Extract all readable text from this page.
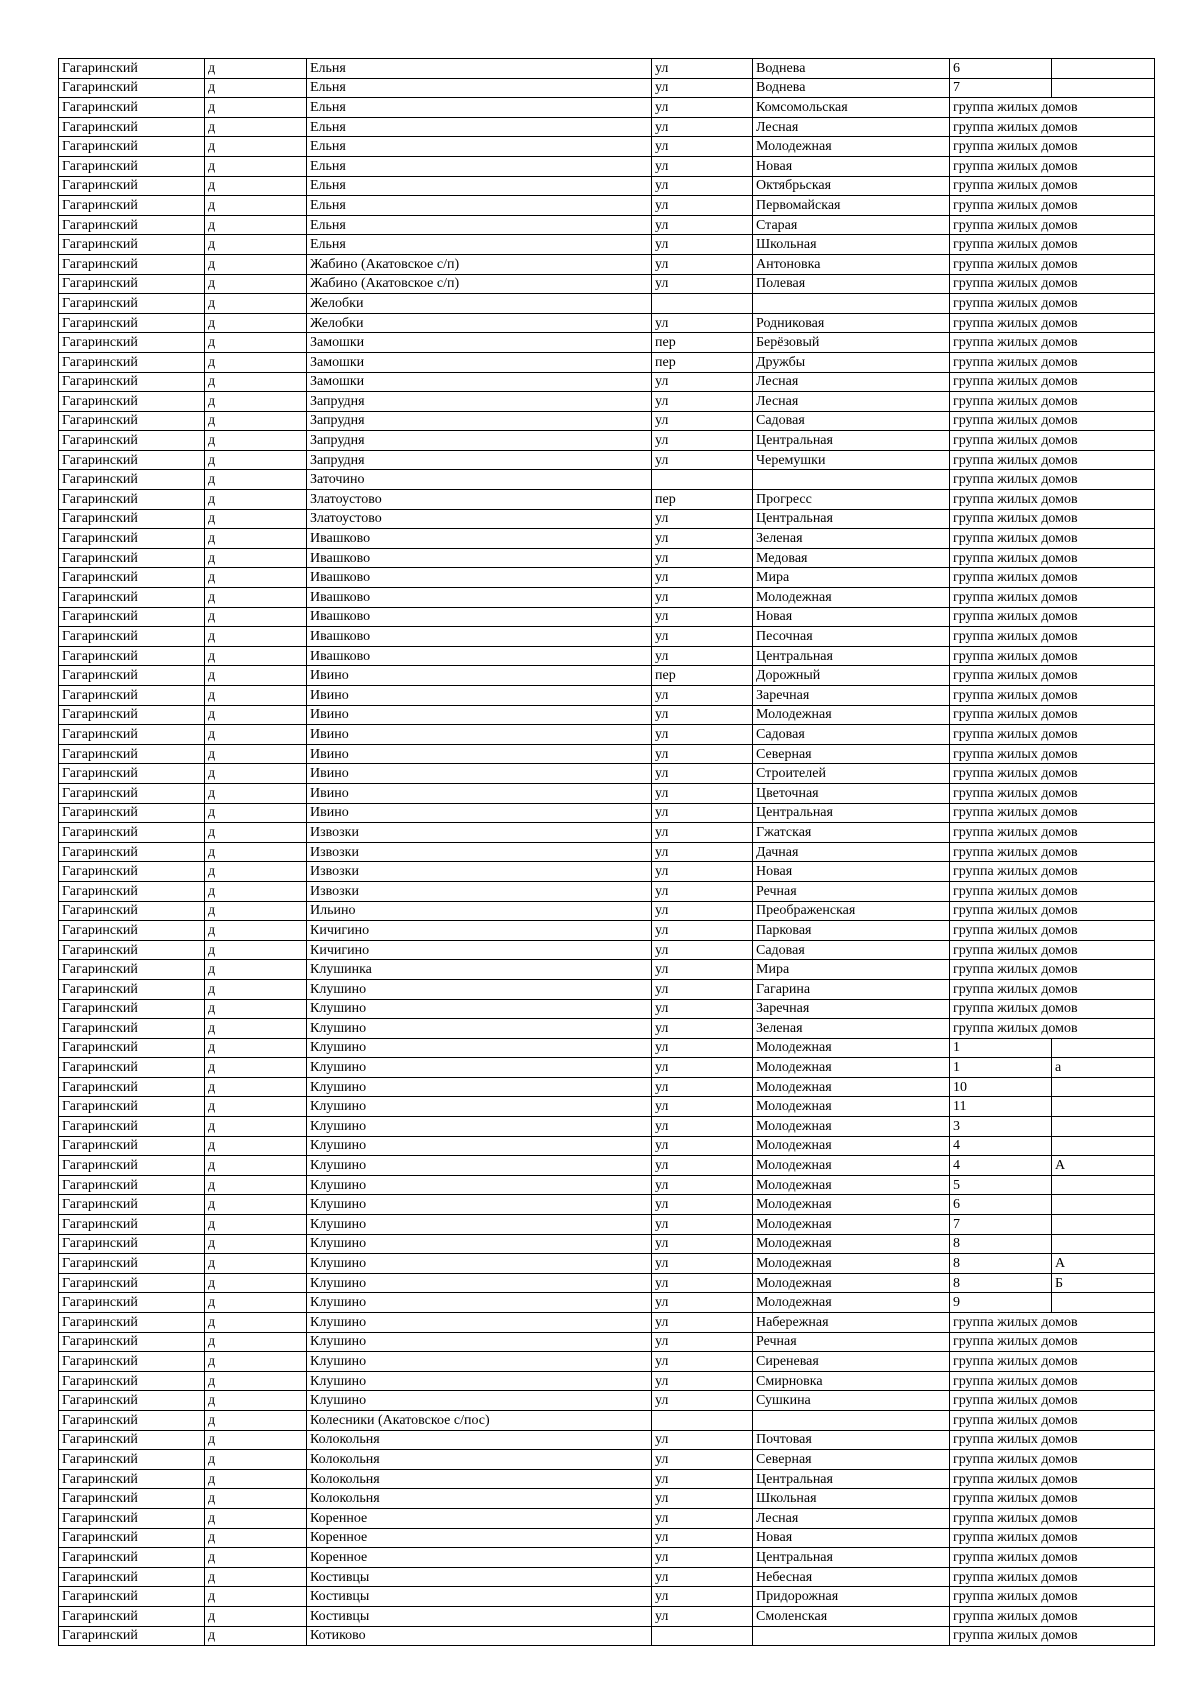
Гагаринский	д	Ельня	ул	Воднева	6	
Гагаринский	д	Ельня	ул	Воднева	7	
Гагаринский	д	Ельня	ул	Комсомольская	группа жилых домов	
Гагаринский	д	Ельня	ул	Лесная	группа жилых домов	
Гагаринский	д	Ельня	ул	Молодежная	группа жилых домов	
Гагаринский	д	Ельня	ул	Новая	группа жилых домов	
Гагаринский	д	Ельня	ул	Октябрьская	группа жилых домов	
Гагаринский	д	Ельня	ул	Первомайская	группа жилых домов	
Гагаринский	д	Ельня	ул	Старая	группа жилых домов	
Гагаринский	д	Ельня	ул	Школьная	группа жилых домов	
Гагаринский	д	Жабино (Акатовское с/п)	ул	Антоновка	группа жилых домов	
Гагаринский	д	Жабино (Акатовское с/п)	ул	Полевая	группа жилых домов	
Гагаринский	д	Желобки			группа жилых домов	
Гагаринский	д	Желобки	ул	Родниковая	группа жилых домов	
Гагаринский	д	Замошки	пер	Берёзовый	группа жилых домов	
Гагаринский	д	Замошки	пер	Дружбы	группа жилых домов	
Гагаринский	д	Замошки	ул	Лесная	группа жилых домов	
Гагаринский	д	Запрудня	ул	Лесная	группа жилых домов	
Гагаринский	д	Запрудня	ул	Садовая	группа жилых домов	
Гагаринский	д	Запрудня	ул	Центральная	группа жилых домов	
Гагаринский	д	Запрудня	ул	Черемушки	группа жилых домов	
Гагаринский	д	Заточино			группа жилых домов	
Гагаринский	д	Златоустово	пер	Прогресс	группа жилых домов	
Гагаринский	д	Златоустово	ул	Центральная	группа жилых домов	
Гагаринский	д	Ивашково	ул	Зеленая	группа жилых домов	
Гагаринский	д	Ивашково	ул	Медовая	группа жилых домов	
Гагаринский	д	Ивашково	ул	Мира	группа жилых домов	
Гагаринский	д	Ивашково	ул	Молодежная	группа жилых домов	
Гагаринский	д	Ивашково	ул	Новая	группа жилых домов	
Гагаринский	д	Ивашково	ул	Песочная	группа жилых домов	
Гагаринский	д	Ивашково	ул	Центральная	группа жилых домов	
Гагаринский	д	Ивино	пер	Дорожный	группа жилых домов	
Гагаринский	д	Ивино	ул	Заречная	группа жилых домов	
Гагаринский	д	Ивино	ул	Молодежная	группа жилых домов	
Гагаринский	д	Ивино	ул	Садовая	группа жилых домов	
Гагаринский	д	Ивино	ул	Северная	группа жилых домов	
Гагаринский	д	Ивино	ул	Строителей	группа жилых домов	
Гагаринский	д	Ивино	ул	Цветочная	группа жилых домов	
Гагаринский	д	Ивино	ул	Центральная	группа жилых домов	
Гагаринский	д	Извозки	ул	Гжатская	группа жилых домов	
Гагаринский	д	Извозки	ул	Дачная	группа жилых домов	
Гагаринский	д	Извозки	ул	Новая	группа жилых домов	
Гагаринский	д	Извозки	ул	Речная	группа жилых домов	
Гагаринский	д	Ильино	ул	Преображенская	группа жилых домов	
Гагаринский	д	Кичигино	ул	Парковая	группа жилых домов	
Гагаринский	д	Кичигино	ул	Садовая	группа жилых домов	
Гагаринский	д	Клушинка	ул	Мира	группа жилых домов	
Гагаринский	д	Клушино	ул	Гагарина	группа жилых домов	
Гагаринский	д	Клушино	ул	Заречная	группа жилых домов	
Гагаринский	д	Клушино	ул	Зеленая	группа жилых домов	
Гагаринский	д	Клушино	ул	Молодежная	1	
Гагаринский	д	Клушино	ул	Молодежная	1	а
Гагаринский	д	Клушино	ул	Молодежная	10	
Гагаринский	д	Клушино	ул	Молодежная	11	
Гагаринский	д	Клушино	ул	Молодежная	3	
Гагаринский	д	Клушино	ул	Молодежная	4	
Гагаринский	д	Клушино	ул	Молодежная	4	А
Гагаринский	д	Клушино	ул	Молодежная	5	
Гагаринский	д	Клушино	ул	Молодежная	6	
Гагаринский	д	Клушино	ул	Молодежная	7	
Гагаринский	д	Клушино	ул	Молодежная	8	
Гагаринский	д	Клушино	ул	Молодежная	8	А
Гагаринский	д	Клушино	ул	Молодежная	8	Б
Гагаринский	д	Клушино	ул	Молодежная	9	
Гагаринский	д	Клушино	ул	Набережная	группа жилых домов	
Гагаринский	д	Клушино	ул	Речная	группа жилых домов	
Гагаринский	д	Клушино	ул	Сиреневая	группа жилых домов	
Гагаринский	д	Клушино	ул	Смирновка	группа жилых домов	
Гагаринский	д	Клушино	ул	Сушкина	группа жилых домов	
Гагаринский	д	Колесники (Акатовское с/пос)			группа жилых домов	
Гагаринский	д	Колокольня	ул	Почтовая	группа жилых домов	
Гагаринский	д	Колокольня	ул	Северная	группа жилых домов	
Гагаринский	д	Колокольня	ул	Центральная	группа жилых домов	
Гагаринский	д	Колокольня	ул	Школьная	группа жилых домов	
Гагаринский	д	Коренное	ул	Лесная	группа жилых домов	
Гагаринский	д	Коренное	ул	Новая	группа жилых домов	
Гагаринский	д	Коренное	ул	Центральная	группа жилых домов	
Гагаринский	д	Костивцы	ул	Небесная	группа жилых домов	
Гагаринский	д	Костивцы	ул	Придорожная	группа жилых домов	
Гагаринский	д	Костивцы	ул	Смоленская	группа жилых домов	
Гагаринский	д	Котиково			группа жилых домов	
